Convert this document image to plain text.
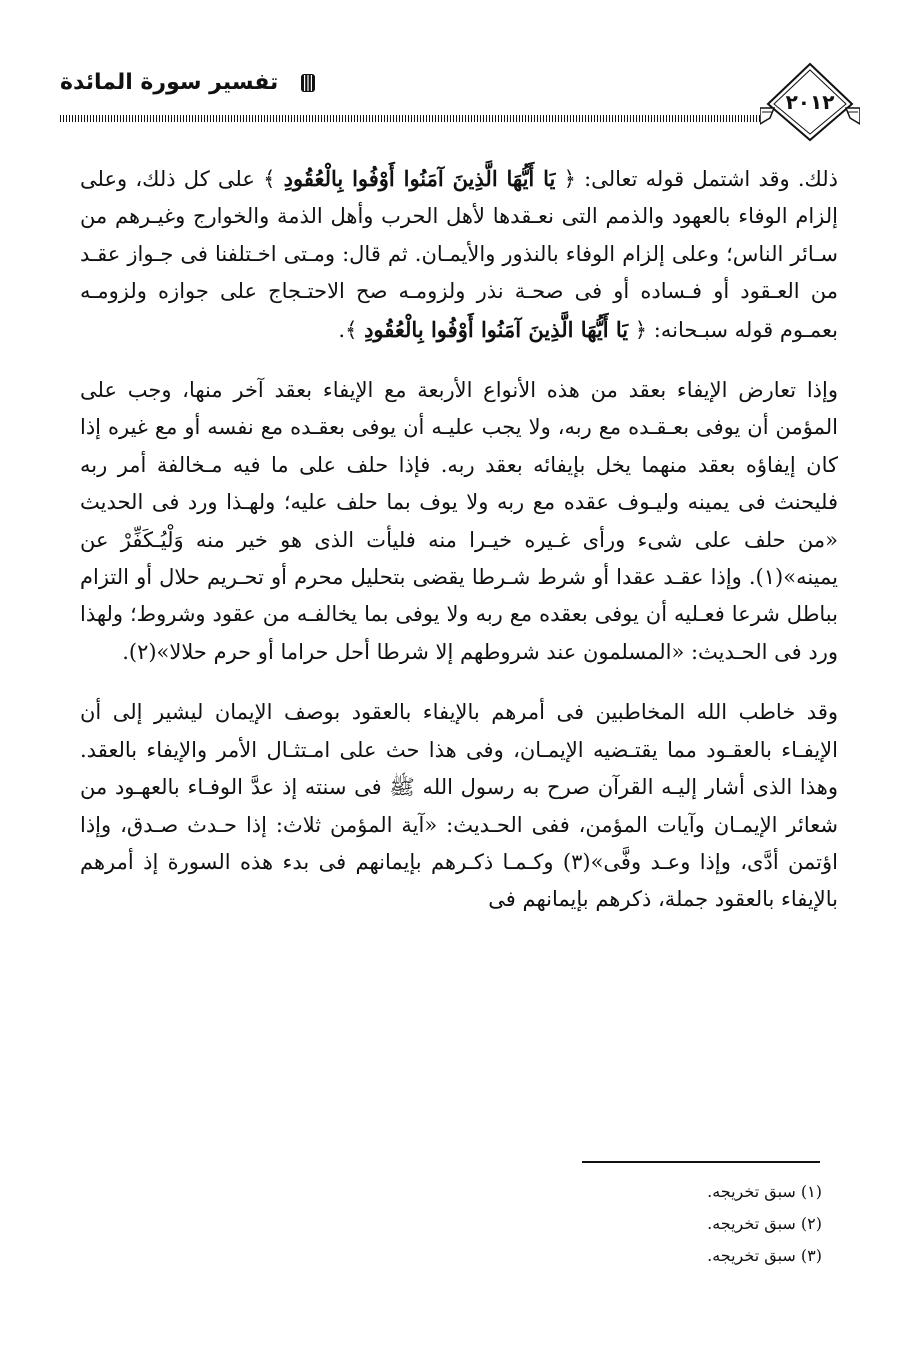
تفسير سورة المائدة
٢٠١٢

ذلك. وقد اشتمل قوله تعالى: ﴿ يَا أَيُّهَا الَّذِينَ آمَنُوا أَوْفُوا بِالْعُقُودِ ﴾ على كل ذلك، وعلى إلزام الوفاء بالعهود والذمم التى نعـقدها لأهل الحرب وأهل الذمة والخوارج وغيـرهم من سـائر الناس؛ وعلى إلزام الوفاء بالنذور والأيمـان. ثم قال: ومـتى اخـتلفنا فى جـواز عقـد من العـقود أو فـساده أو فى صحـة نذر ولزومـه صح الاحتـجاج على جوازه ولزومـه بعمـوم قوله سبـحانه: ﴿ يَا أَيُّهَا الَّذِينَ آمَنُوا أَوْفُوا بِالْعُقُودِ ﴾.

وإذا تعارض الإيفاء بعقد من هذه الأنواع الأربعة مع الإيفاء بعقد آخر منها، وجب على المؤمن أن يوفى بعـقـده مع ربه، ولا يجب عليـه أن يوفى بعقـده مع نفسه أو مع غيره إذا كان إيفاؤه بعقد منهما يخل بإيفائه بعقد ربه. فإذا حلف على ما فيه مـخالفة أمر ربه فليحنث فى يمينه وليـوف عقده مع ربه ولا يوف بما حلف عليه؛ ولهـذا ورد فى الحديث «من حلف على شىء ورأى غـيره خيـرا منه فليأت الذى هو خير منه وَلْيُـكَفِّرْ عن يمينه»(١). وإذا عقـد عقدا أو شرط شـرطا يقضى بتحليل محرم أو تحـريم حلال أو التزام بباطل شرعا فعـليه أن يوفى بعقده مع ربه ولا يوفى بما يخالفـه من عقود وشروط؛ ولهذا ورد فى الحـديث: «المسلمون عند شروطهم إلا شرطا أحل حراما أو حرم حلالا»(٢).

وقد خاطب الله المخاطبين فى أمرهم بالإيفاء بالعقود بوصف الإيمان ليشير إلى أن الإيفـاء بالعقـود مما يقتـضيه الإيمـان، وفى هذا حث على امـتثـال الأمر والإيفاء بالعقد. وهذا الذى أشار إليـه القرآن صرح به رسول الله ﷺ فى سنته إذ عدَّ الوفـاء بالعهـود من شعائر الإيمـان وآيات المؤمن، ففى الحـديث: «آية المؤمن ثلاث: إذا حـدث صـدق، وإذا اؤتمن أدَّى، وإذا وعـد وفَّى»(٣) وكـمـا ذكـرهم بإيمانهم فى بدء هذه السورة إذ أمرهم بالإيفاء بالعقود جملة، ذكرهم بإيمانهم فى

(١) سبق تخريجه.
(٢) سبق تخريجه.
(٣) سبق تخريجه.
